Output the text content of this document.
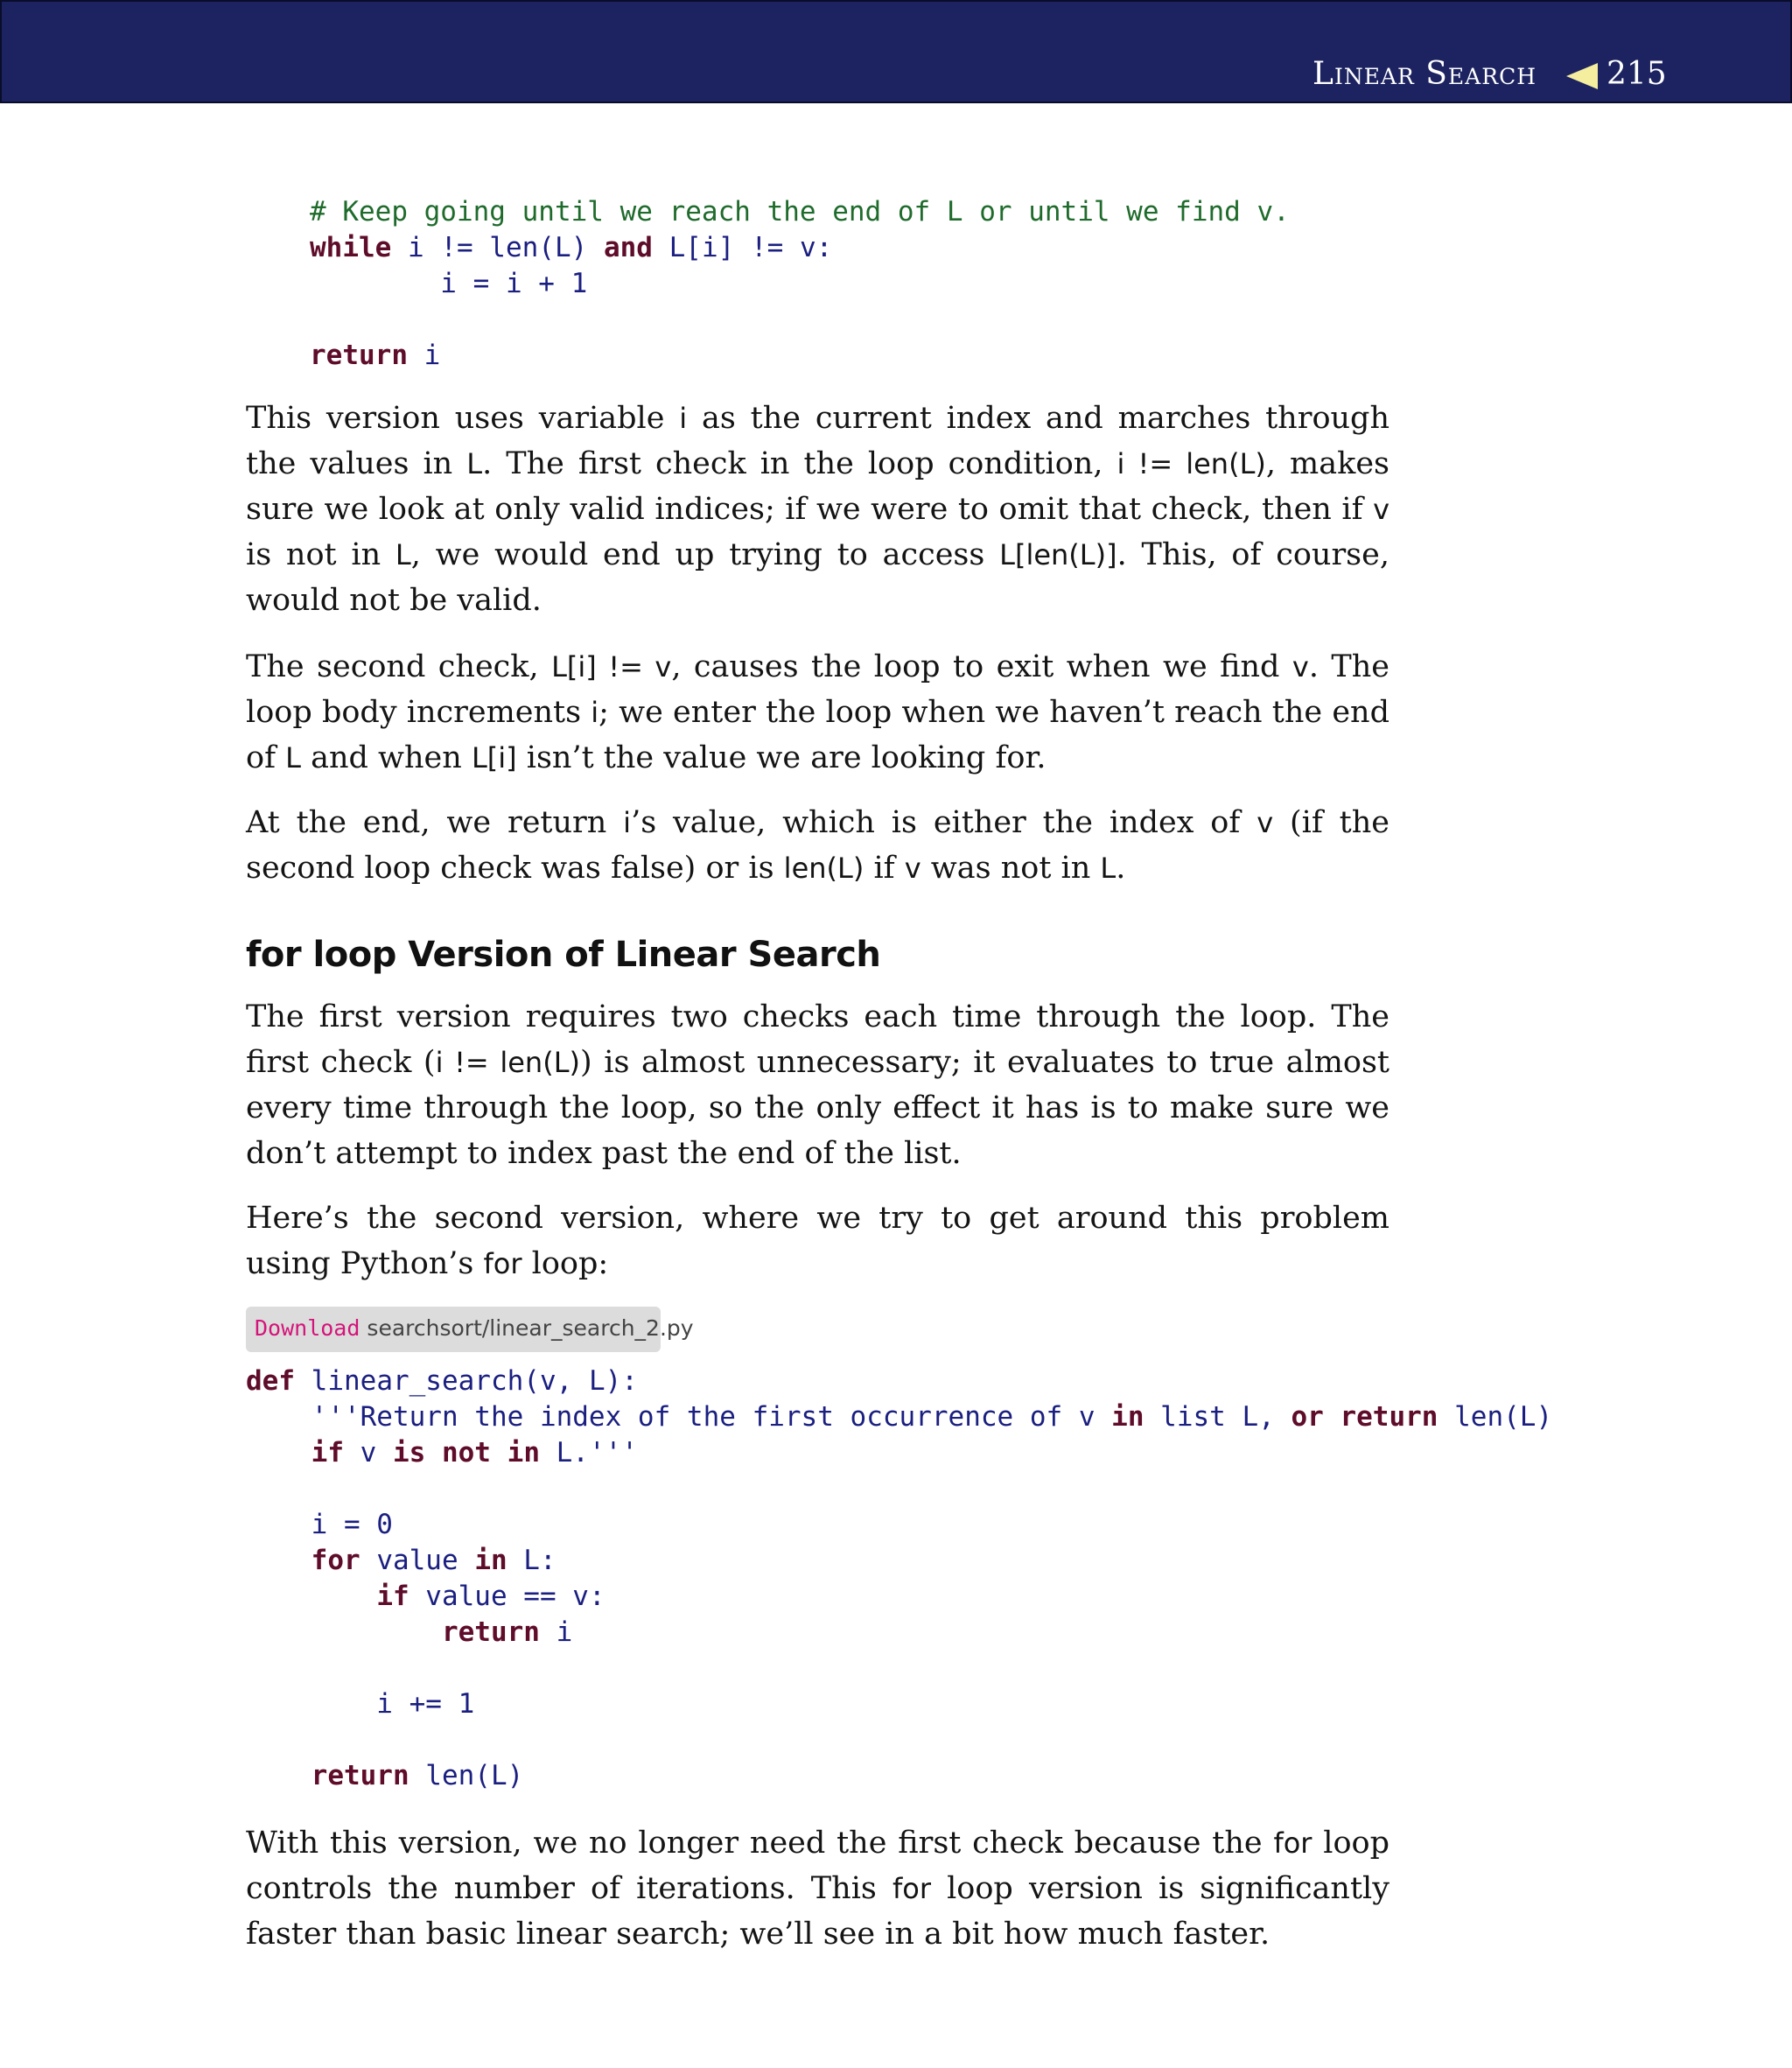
Linear Search 215
# Keep going until we reach the end of L or until we find v.
while i != len(L) and L[i] != v:
i = i + 1

return i

This version uses variable i as the current index and marches through the values in L. The first check in the loop condition, i != len(L), makes sure we look at only valid indices; if we were to omit that check, then if v is not in L, we would end up trying to access L[len(L)]. This, of course, would not be valid.

The second check, L[i] != v, causes the loop to exit when we find v. The loop body increments i; we enter the loop when we haven’t reach the end of L and when L[i] isn’t the value we are looking for.

At the end, we return i’s value, which is either the index of v (if the second loop check was false) or is len(L) if v was not in L.

for loop Version of Linear Search

The first version requires two checks each time through the loop. The first check (i != len(L)) is almost unnecessary; it evaluates to true almost every time through the loop, so the only effect it has is to make sure we don’t attempt to index past the end of the list.

Here’s the second version, where we try to get around this problem using Python’s for loop:

Download searchsort/linear_search_2.py
def linear_search(v, L):
'''Return the index of the first occurrence of v in list L, or return len(L)
if v is not in L.'''

i = 0
for value in L:
if value == v:
return i

i += 1

return len(L)

With this version, we no longer need the first check because the for loop controls the number of iterations. This for loop version is significantly faster than basic linear search; we’ll see in a bit how much faster.
